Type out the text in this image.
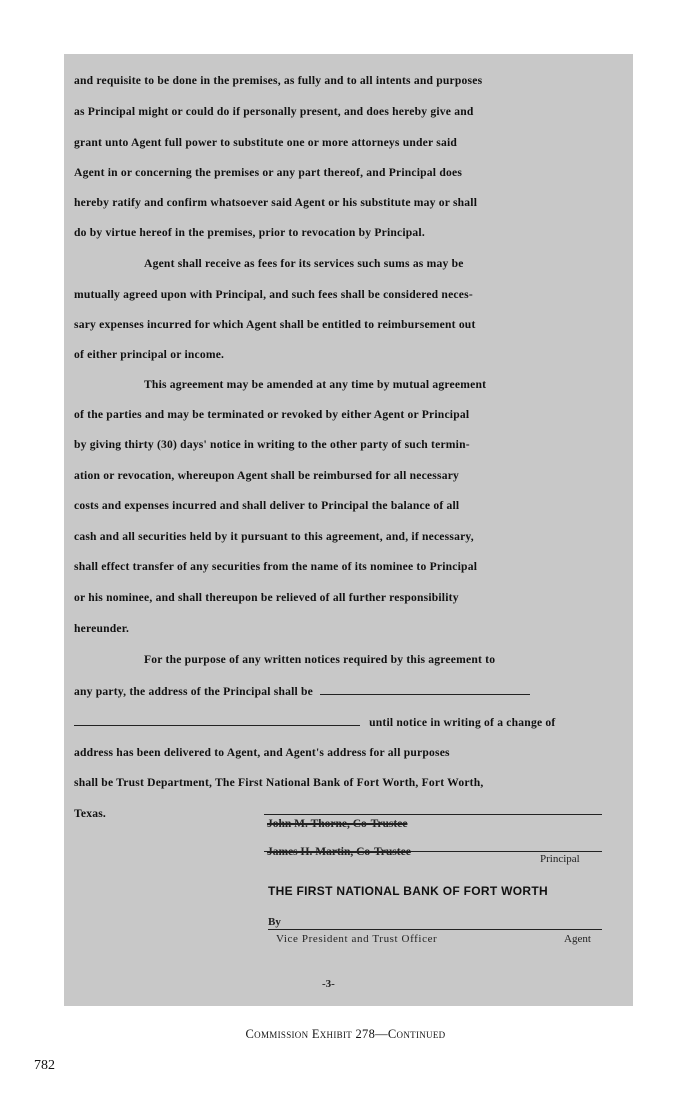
and requisite to be done in the premises, as fully and to all intents and purposes
as Principal might or could do if personally present, and does hereby give and
grant unto Agent full power to substitute one or more attorneys under said
Agent in or concerning the premises or any part thereof, and Principal does
hereby ratify and confirm whatsoever said Agent or his substitute may or shall
do by virtue hereof in the premises, prior to revocation by Principal.
Agent shall receive as fees for its services such sums as may be
mutually agreed upon with Principal, and such fees shall be considered neces-
sary expenses incurred for which Agent shall be entitled to reimbursement out
of either principal or income.
This agreement may be amended at any time by mutual agreement
of the parties and may be terminated or revoked by either Agent or Principal
by giving thirty (30) days' notice in writing to the other party of such termin-
ation or revocation, whereupon Agent shall be reimbursed for all necessary
costs and expenses incurred and shall deliver to Principal the balance of all
cash and all securities held by it pursuant to this agreement, and, if necessary,
shall effect transfer of any securities from the name of its nominee to Principal
or his nominee, and shall thereupon be relieved of all further responsibility
hereunder.
For the purpose of any written notices required by this agreement to
any party, the address of the Principal shall be
until notice in writing of a change of
address has been delivered to Agent, and Agent's address for all purposes
shall be Trust Department, The First National Bank of Fort Worth, Fort Worth,
Texas.
John M. Thorne, Co-Trustee
James H. Martin, Co-Trustee
Principal
THE FIRST NATIONAL BANK OF FORT WORTH
By
Vice President and Trust Officer	Agent
-3-
Commission Exhibit 278—Continued
782
